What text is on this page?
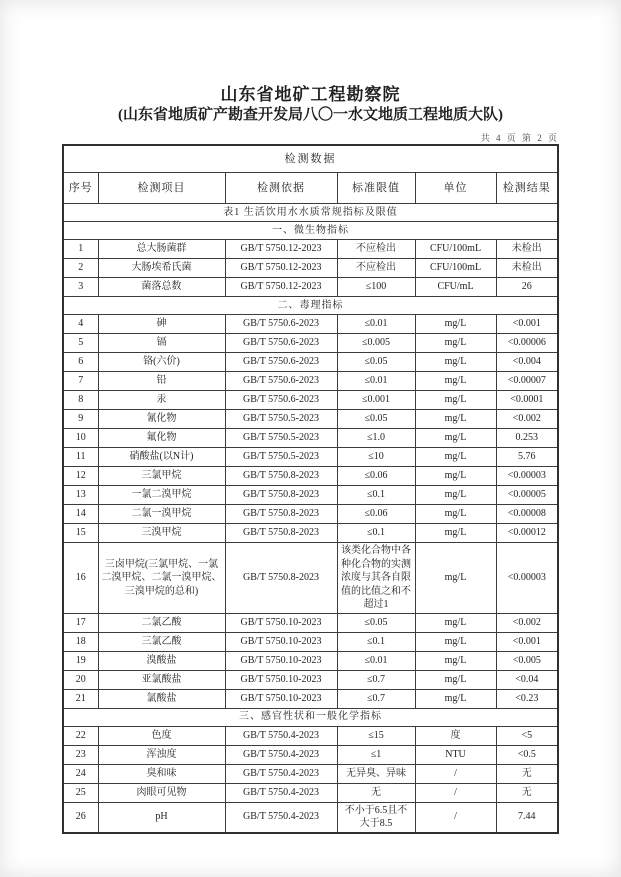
山东省地矿工程勘察院
(山东省地质矿产勘查开发局八〇一水文地质工程地质大队)
共 4 页 第 2 页
检测数据					
序号	检测项目	检测依据	标准限值	单位	检测结果
表1 生活饮用水水质常规指标及限值					
一、微生物指标					
1	总大肠菌群	GB/T 5750.12-2023	不应检出	CFU/100mL	未检出
2	大肠埃希氏菌	GB/T 5750.12-2023	不应检出	CFU/100mL	未检出
3	菌落总数	GB/T 5750.12-2023	≤100	CFU/mL	26
二、毒理指标					
4	砷	GB/T 5750.6-2023	≤0.01	mg/L	<0.001
5	镉	GB/T 5750.6-2023	≤0.005	mg/L	<0.00006
6	铬(六价)	GB/T 5750.6-2023	≤0.05	mg/L	<0.004
7	铅	GB/T 5750.6-2023	≤0.01	mg/L	<0.00007
8	汞	GB/T 5750.6-2023	≤0.001	mg/L	<0.0001
9	氰化物	GB/T 5750.5-2023	≤0.05	mg/L	<0.002
10	氟化物	GB/T 5750.5-2023	≤1.0	mg/L	0.253
11	硝酸盐(以N计)	GB/T 5750.5-2023	≤10	mg/L	5.76
12	三氯甲烷	GB/T 5750.8-2023	≤0.06	mg/L	<0.00003
13	一氯二溴甲烷	GB/T 5750.8-2023	≤0.1	mg/L	<0.00005
14	二氯一溴甲烷	GB/T 5750.8-2023	≤0.06	mg/L	<0.00008
15	三溴甲烷	GB/T 5750.8-2023	≤0.1	mg/L	<0.00012
16	三卤甲烷(三氯甲烷、一氯二溴甲烷、二氯一溴甲烷、三溴甲烷的总和)	GB/T 5750.8-2023	该类化合物中各种化合物的实测浓度与其各自限值的比值之和不超过1	mg/L	<0.00003
17	二氯乙酸	GB/T 5750.10-2023	≤0.05	mg/L	<0.002
18	三氯乙酸	GB/T 5750.10-2023	≤0.1	mg/L	<0.001
19	溴酸盐	GB/T 5750.10-2023	≤0.01	mg/L	<0.005
20	亚氯酸盐	GB/T 5750.10-2023	≤0.7	mg/L	<0.04
21	氯酸盐	GB/T 5750.10-2023	≤0.7	mg/L	<0.23
三、感官性状和一般化学指标					
22	色度	GB/T 5750.4-2023	≤15	度	<5
23	浑浊度	GB/T 5750.4-2023	≤1	NTU	<0.5
24	臭和味	GB/T 5750.4-2023	无异臭、异味	/	无
25	肉眼可见物	GB/T 5750.4-2023	无	/	无
26	pH	GB/T 5750.4-2023	不小于6.5且不大于8.5	/	7.44
